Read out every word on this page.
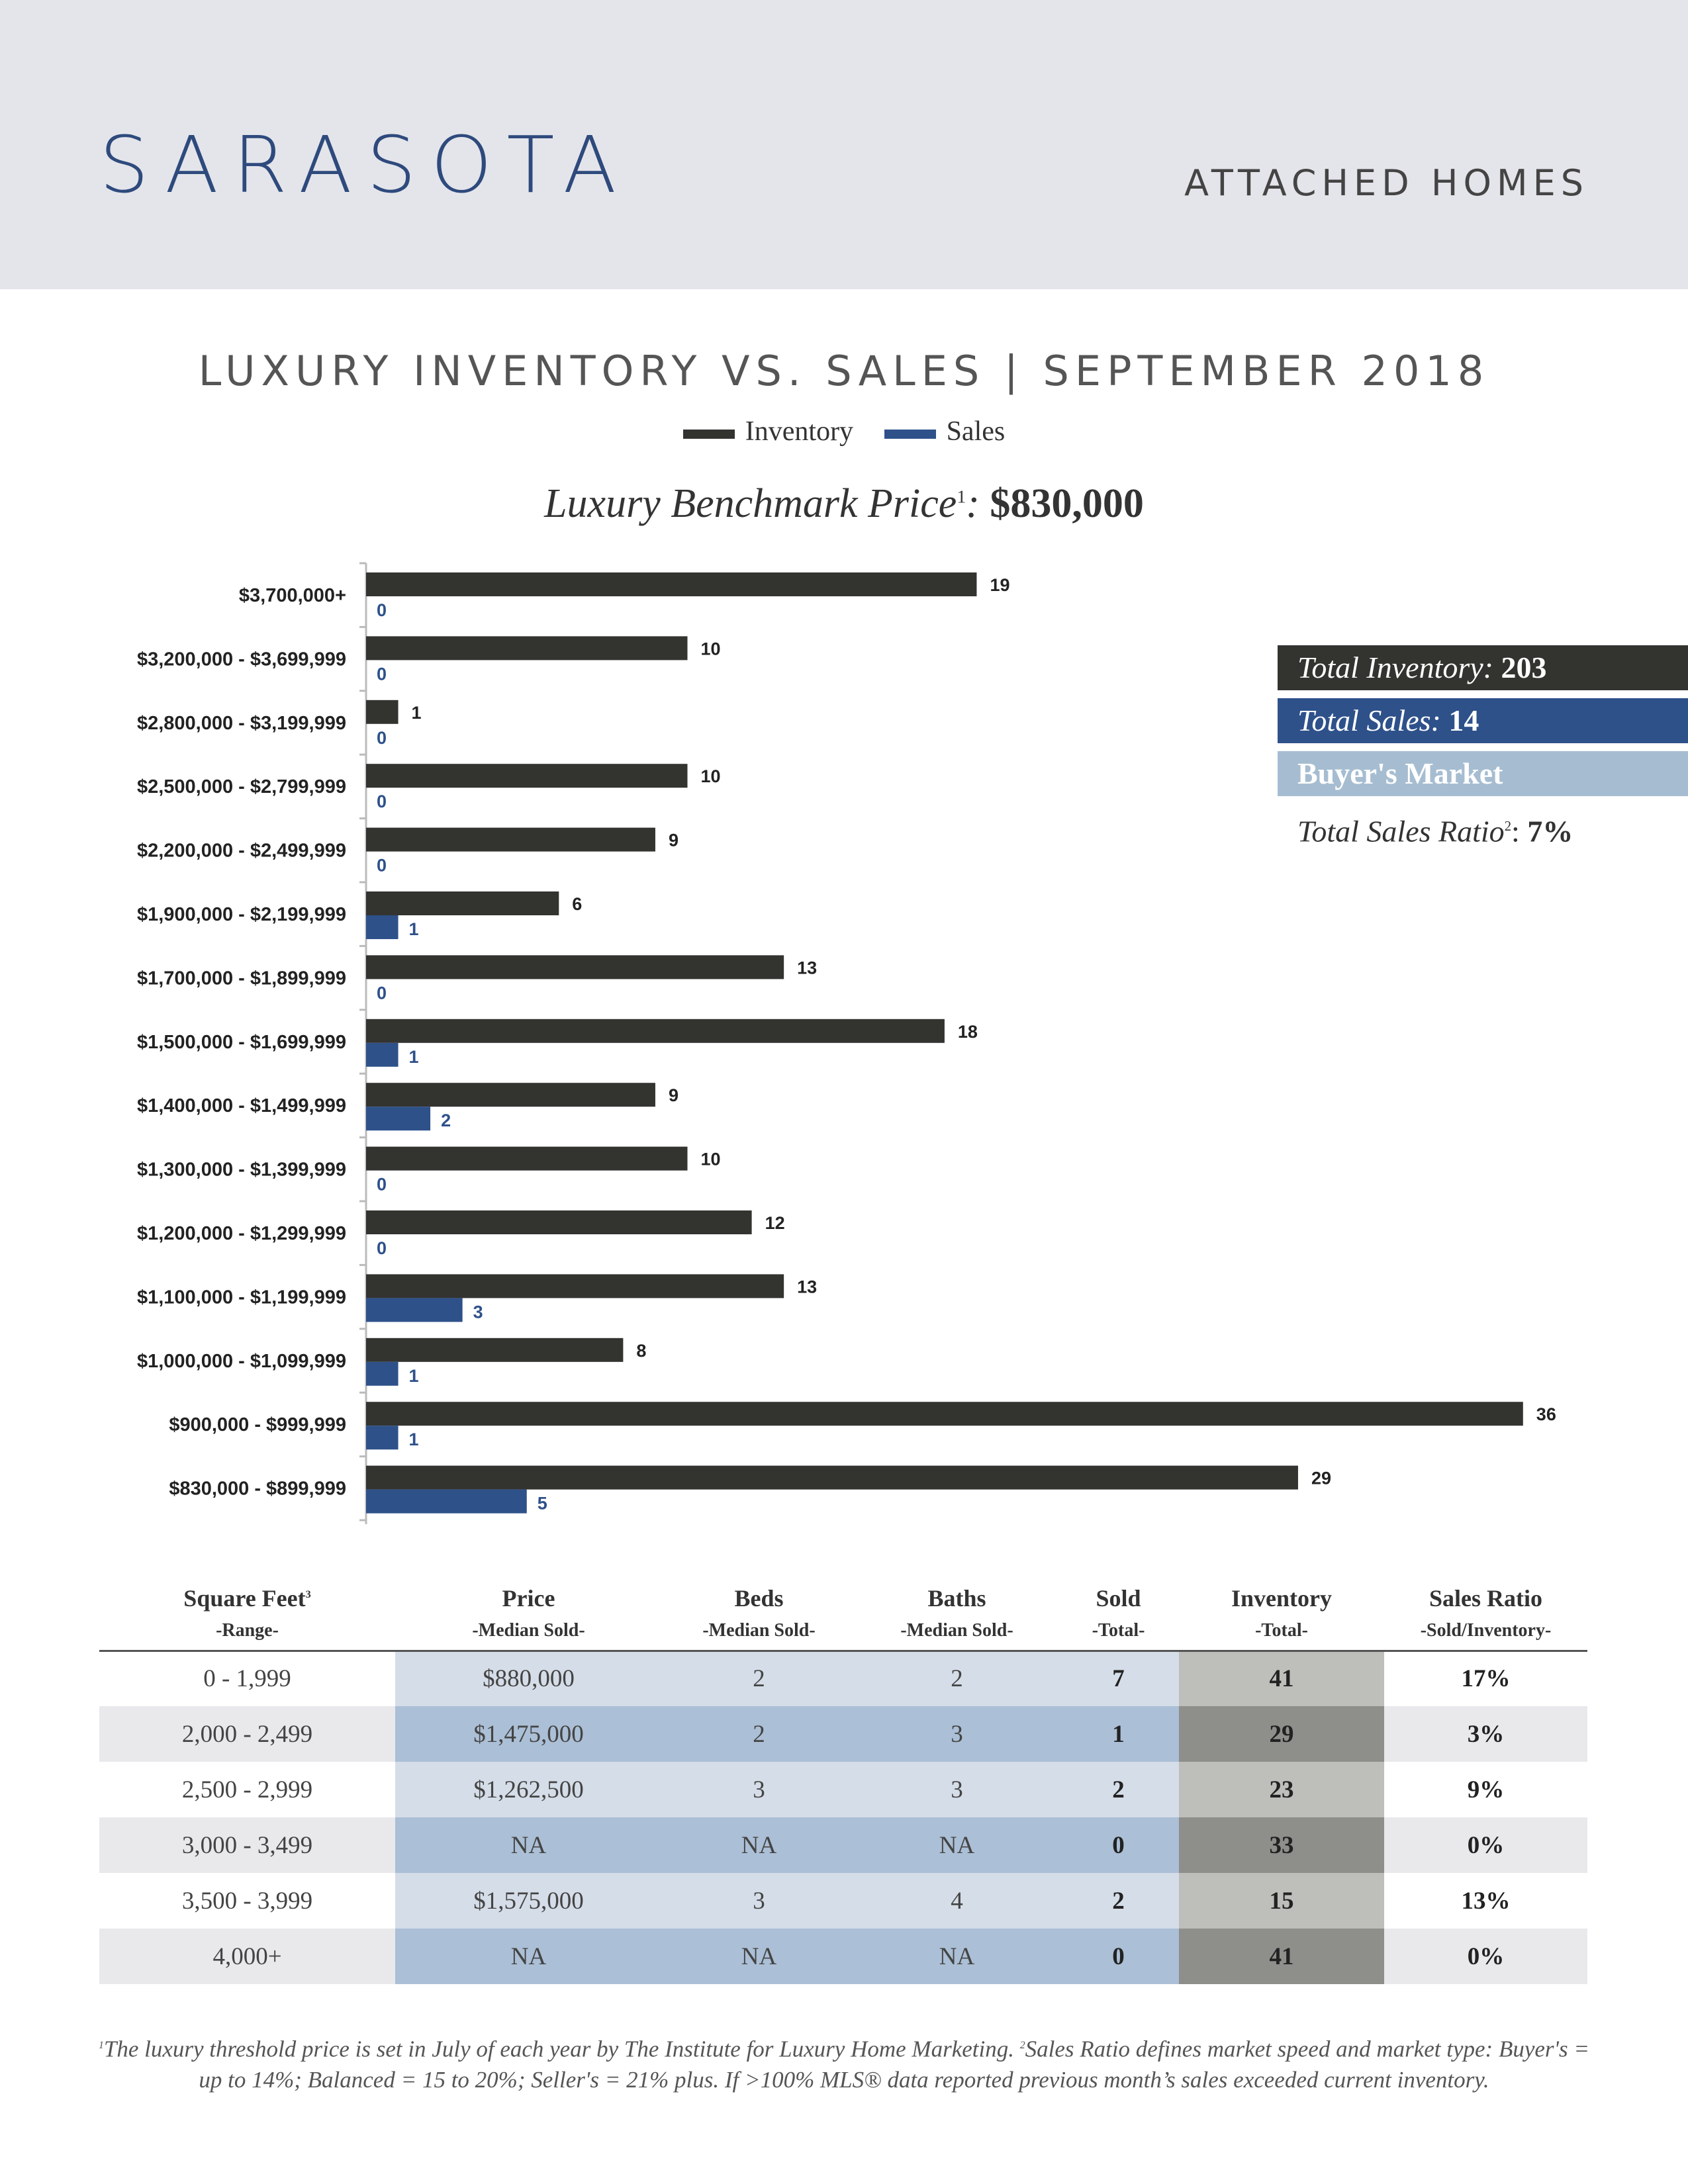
SARASOTA	ATTACHED HOMES
LUXURY INVENTORY VS. SALES | SEPTEMBER 2018
Inventory	Sales
Luxury Benchmark Price$^1$: $830,000
$3,700,000+	19
0
$3,200,000 - $3,699,999	10
0
$2,800,000 - $3,199,999	1
0
$2,500,000 - $2,799,999	10
0
$2,200,000 - $2,499,999	9
0
$1,900,000 - $2,199,999	6
1
$1,700,000 - $1,899,999	13
0
$1,500,000 - $1,699,999	18
1
$1,400,000 - $1,499,999	9
2
$1,300,000 - $1,399,999	10
0
$1,200,000 - $1,299,999	12
0
$1,100,000 - $1,199,999	13
3
$1,000,000 - $1,099,999	8
1
$900,000 - $999,999	36
1
$830,000 - $899,999	29
5
Total Inventory: 203
Total Sales: 14
Buyer's Market
Total Sales Ratio$^2$: 7%
Square Feet$^3$	Price	Beds	Baths	Sold	Inventory	Sales Ratio
-Range-	-Median Sold-	-Median Sold-	-Median Sold-	-Total-	-Total-	-Sold/Inventory-
0 - 1,999	$880,000	2	2	7	41	17%
2,000 - 2,499	$1,475,000	2	3	1	29	3%
2,500 - 2,999	$1,262,500	3	3	2	23	9%
3,000 - 3,499	NA	NA	NA	0	33	0%
3,500 - 3,999	$1,575,000	3	4	2	15	13%
4,000+	NA	NA	NA	0	41	0%
$^1$The luxury threshold price is set in July of each year by The Institute for Luxury Home Marketing. $^2$Sales Ratio defines market speed and market type: Buyer's = up to 14%; Balanced = 15 to 20%; Seller's = 21% plus. If >100% MLS® data reported previous month’s sales exceeded current inventory.
